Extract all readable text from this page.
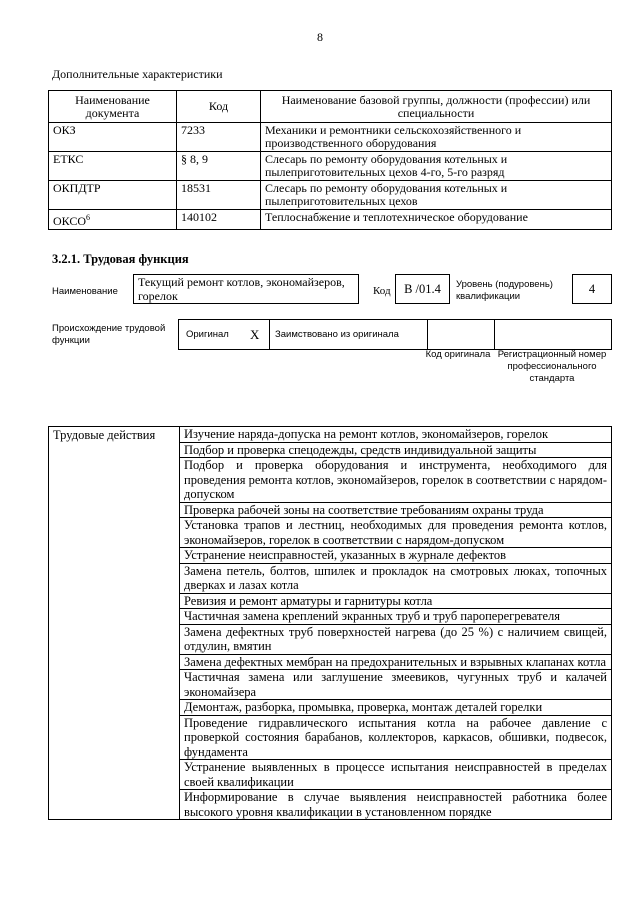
8
Дополнительные характеристики
Наименование документа	Код	Наименование базовой группы, должности (профессии) или специальности
ОКЗ	7233	Механики и ремонтники сельскохозяйственного и производственного оборудования
ЕТКС	§ 8, 9	Слесарь по ремонту оборудования котельных и пылеприготовительных цехов 4-го, 5-го разряд
ОКПДТР	18531	Слесарь по ремонту оборудования котельных и пылеприготовительных цехов
ОКСО$^6$	140102	Теплоснабжение и теплотехническое оборудование
3.2.1. Трудовая функция
Наименование
Текущий ремонт котлов, экономайзеров, горелок	Код	B /01.4	Уровень (подуровень) квалификации
4
Происхождение трудовой функции
Оригинал X Заимствовано из оригинала
Код оригинала Регистрационный номер профессионального стандарта
Трудовые действия	Изучение наряда-допуска на ремонт котлов, экономайзеров, горелок
Подбор и проверка спецодежды, средств индивидуальной защиты
Подбор и проверка оборудования и инструмента, необходимого для проведения ремонта котлов, экономайзеров, горелок в соответствии с нарядом-допуском
Проверка рабочей зоны на соответствие требованиям охраны труда
Установка трапов и лестниц, необходимых для проведения ремонта котлов, экономайзеров, горелок в соответствии с нарядом-допуском
Устранение неисправностей, указанных в журнале дефектов
Замена петель, болтов, шпилек и прокладок на смотровых люках, топочных дверках и лазах котла
Ревизия и ремонт арматуры и гарнитуры котла
Частичная замена креплений экранных труб и труб пароперегревателя
Замена дефектных труб поверхностей нагрева (до 25 %) с наличием свищей, отдулин, вмятин
Замена дефектных мембран на предохранительных и взрывных клапанах котла
Частичная замена или заглушение змеевиков, чугунных труб и калачей экономайзера
Демонтаж, разборка, промывка, проверка, монтаж деталей горелки
Проведение гидравлического испытания котла на рабочее давление с проверкой состояния барабанов, коллекторов, каркасов, обшивки, подвесок, фундамента
Устранение выявленных в процессе испытания неисправностей в пределах своей квалификации
Информирование в случае выявления неисправностей работника более высокого уровня квалификации в установленном порядке
